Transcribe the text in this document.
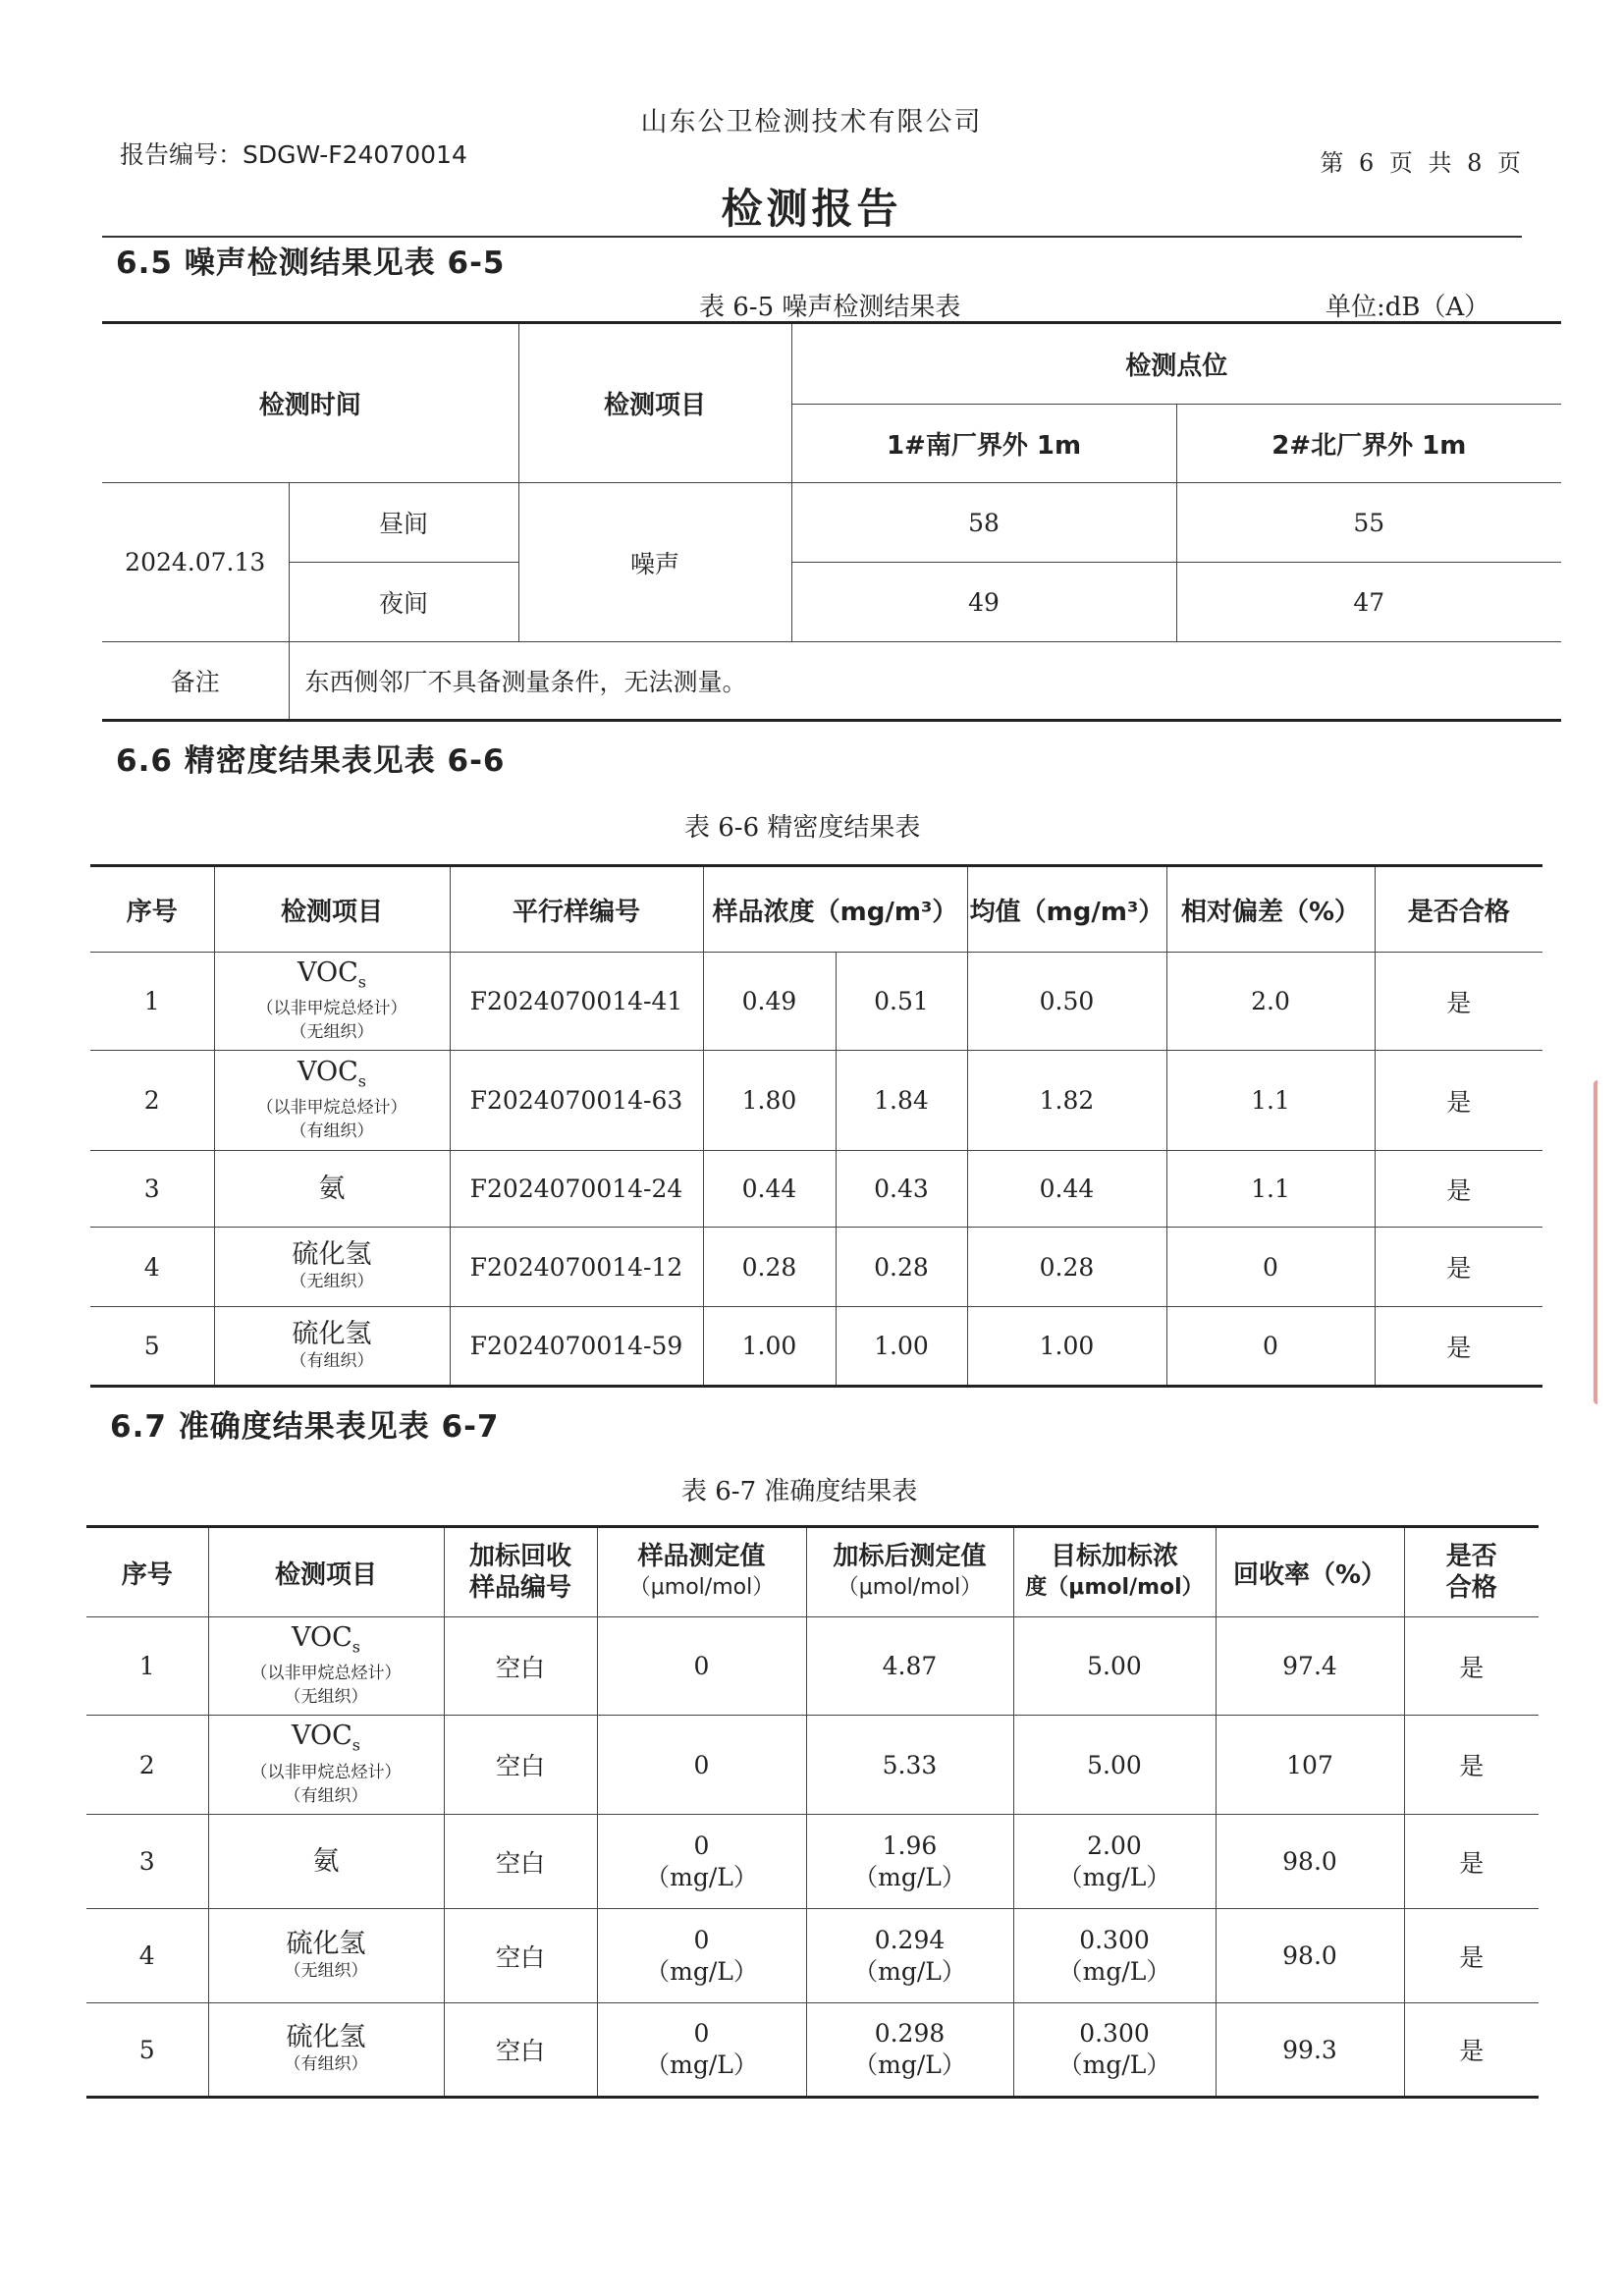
山东公卫检测技术有限公司
报告编号：SDGW-F24070014	第 6 页 共 8 页
检测报告
6.5 噪声检测结果见表 6-5
表 6-5 噪声检测结果表	单位:dB（A）
检测时间		检测项目	检测点位	
			1#南厂界外 1m	2#北厂界外 1m
2024.07.13	昼间	噪声	58	55
	夜间		49	47
备注	东西侧邻厂不具备测量条件，无法测量。			
6.6 精密度结果表见表 6-6
表 6-6 精密度结果表
序号	检测项目	平行样编号	样品浓度（mg/m³）		均值（mg/m³）	相对偏差（%）	是否合格
1	$VOC_s$
（以非甲烷总烃计）
（无组织）	F2024070014-41	0.49	0.51	0.50	2.0	是
2	$VOC_s$
（以非甲烷总烃计）
（有组织）	F2024070014-63	1.80	1.84	1.82	1.1	是
3	氨	F2024070014-24	0.44	0.43	0.44	1.1	是
4	硫化氢
（无组织）	F2024070014-12	0.28	0.28	0.28	0	是
5	硫化氢
（有组织）	F2024070014-59	1.00	1.00	1.00	0	是
6.7 准确度结果表见表 6-7
表 6-7 准确度结果表
序号	检测项目	加标回收
样品编号	样品测定值
（μmol/mol）	加标后测定值
（μmol/mol）	目标加标浓
度（μmol/mol）	回收率（%）	是否
合格

1	$VOC_s$
（以非甲烷总烃计）
（无组织）	空白	0	4.87	5.00	97.4	是
2	$VOC_s$
（以非甲烷总烃计）
（有组织）	空白	0	5.33	5.00	107	是
3	氨	空白	0
（mg/L）	1.96
（mg/L）	2.00
（mg/L）	98.0	是
4	硫化氢
（无组织）	空白	0
（mg/L）	0.294
（mg/L）	0.300
（mg/L）	98.0	是
5	硫化氢
（有组织）	空白	0
（mg/L）	0.298
（mg/L）	0.300
（mg/L）	99.3	是
